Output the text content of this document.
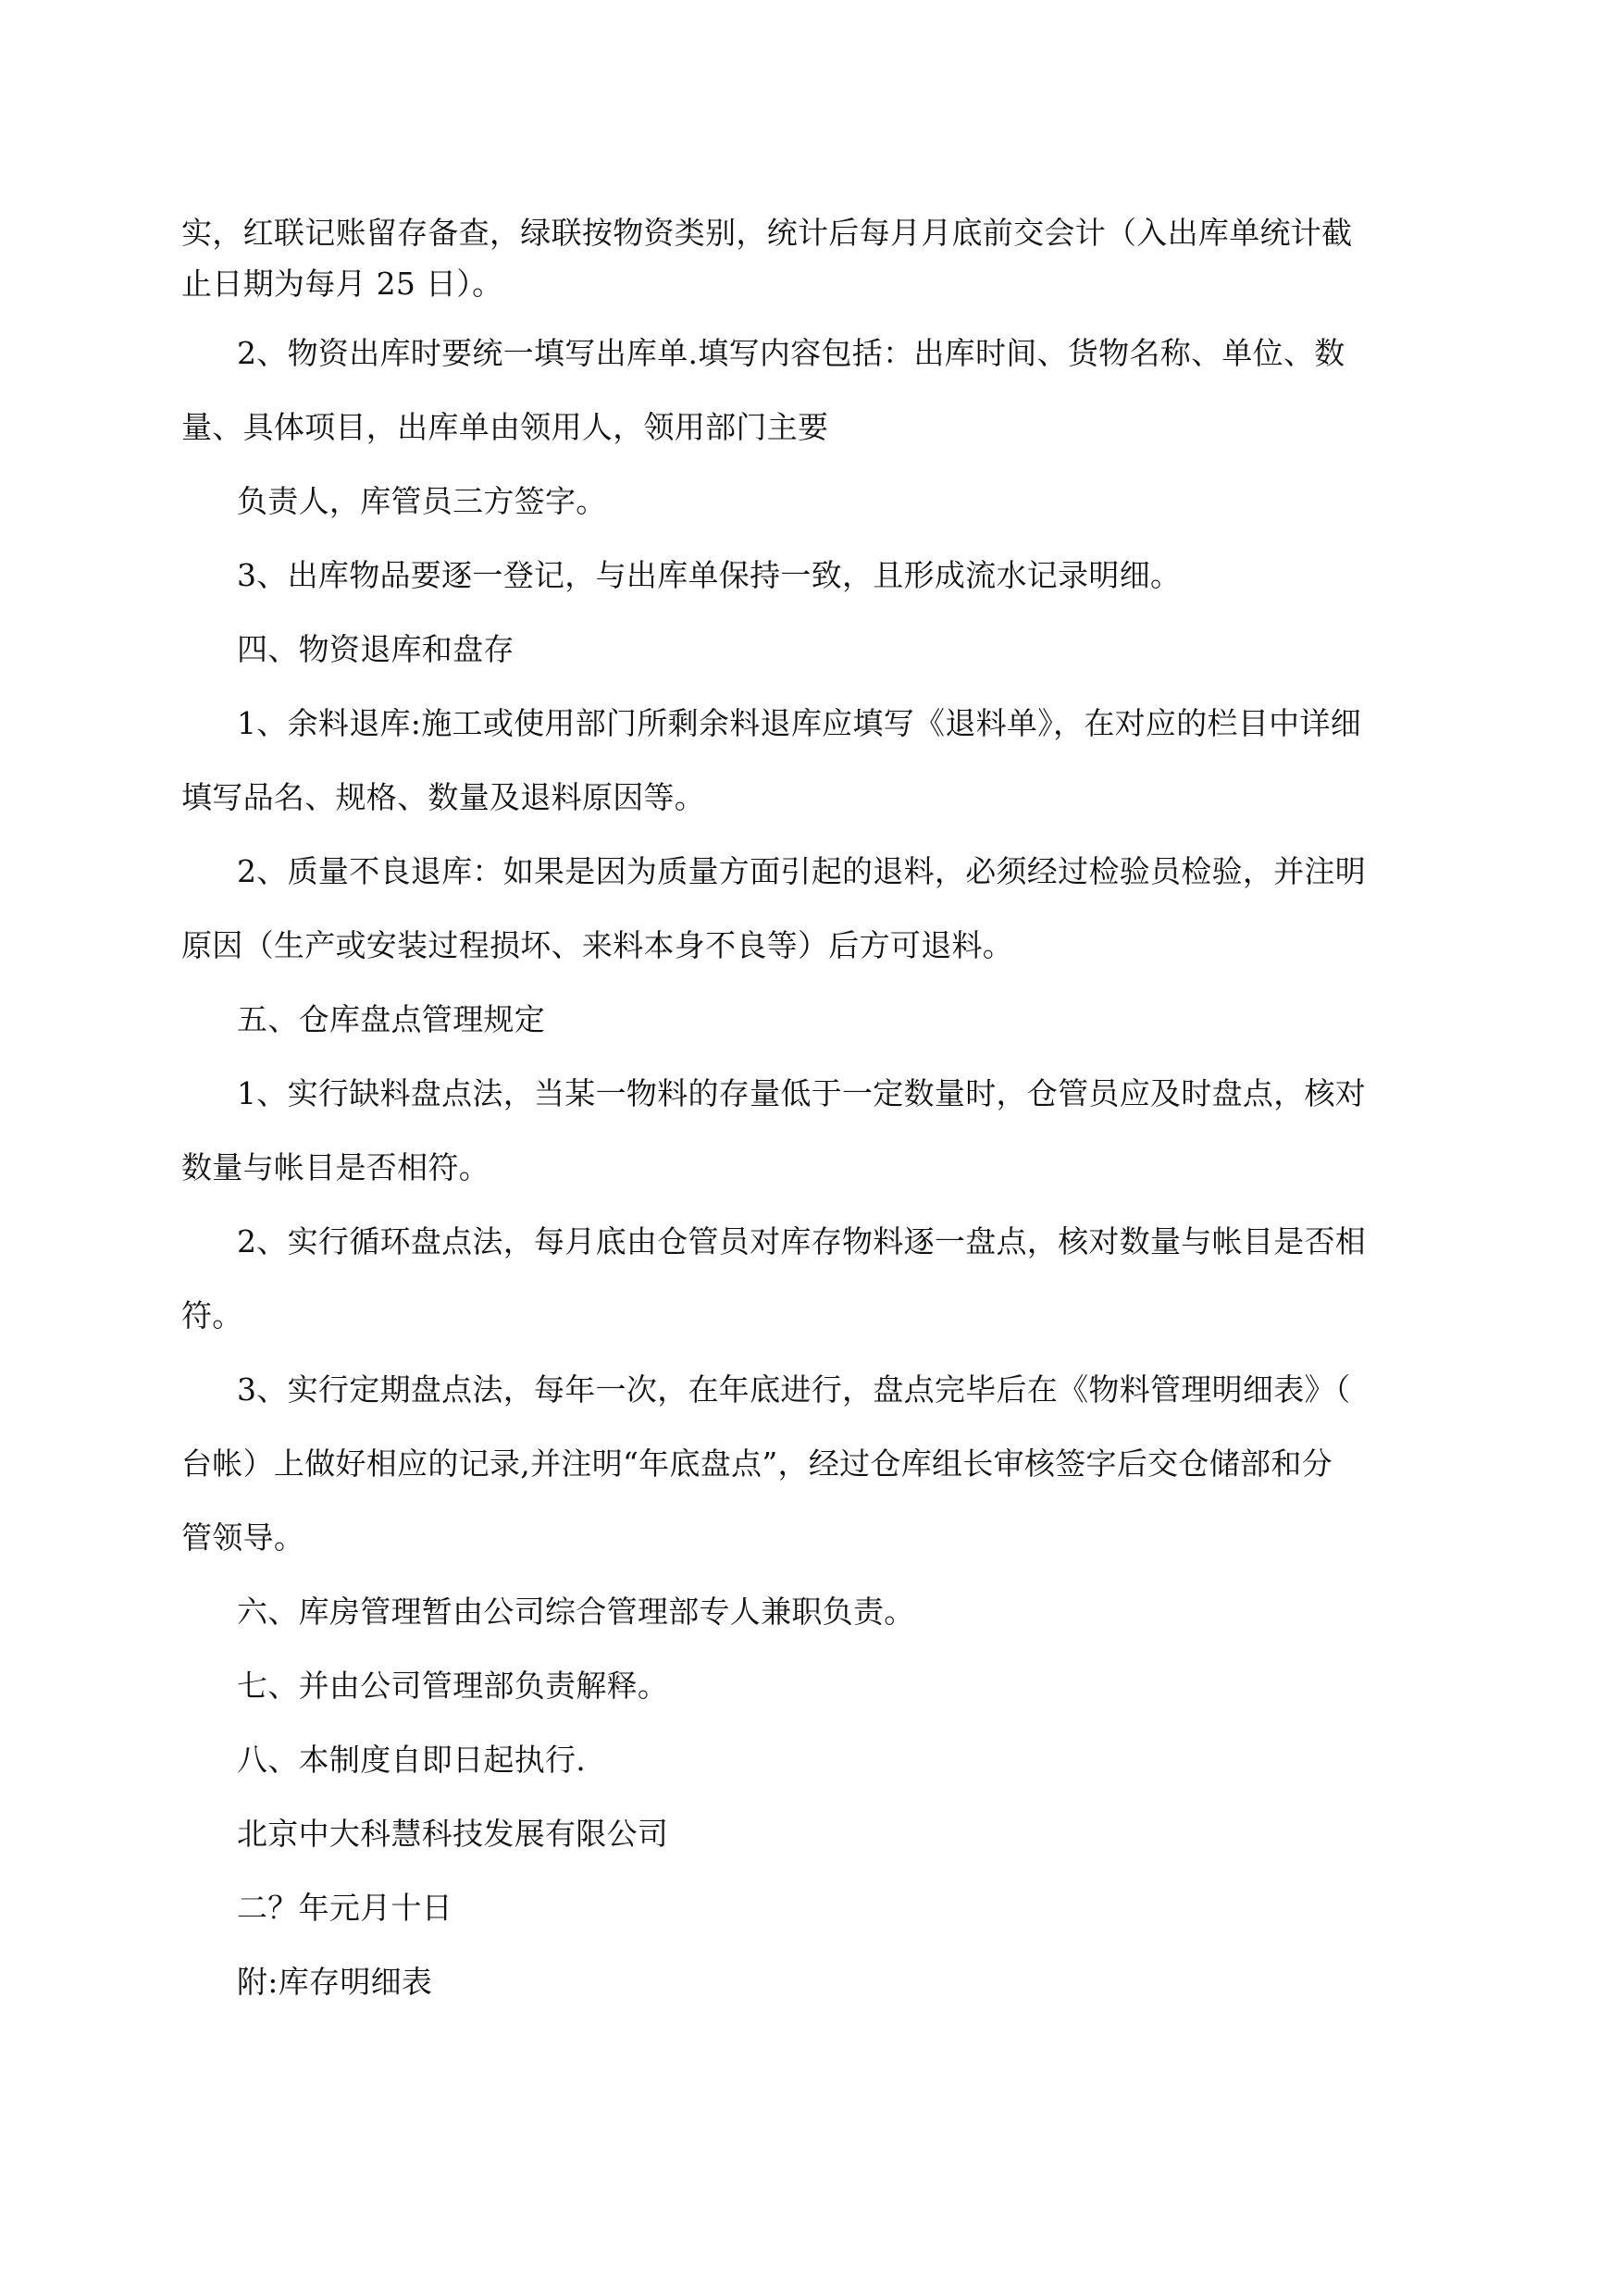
实，红联记账留存备查，绿联按物资类别，统计后每月月底前交会计（入出库单统计截
止日期为每月 25 日）。
2、物资出库时要统一填写出库单.填写内容包括：出库时间、货物名称、单位、数
量、具体项目，出库单由领用人，领用部门主要
负责人，库管员三方签字。
3、出库物品要逐一登记，与出库单保持一致，且形成流水记录明细。
四、物资退库和盘存
1、余料退库:施工或使用部门所剩余料退库应填写《退料单》，在对应的栏目中详细
填写品名、规格、数量及退料原因等。
2、质量不良退库：如果是因为质量方面引起的退料，必须经过检验员检验，并注明
原因（生产或安装过程损坏、来料本身不良等）后方可退料。
五、仓库盘点管理规定
1、实行缺料盘点法，当某一物料的存量低于一定数量时，仓管员应及时盘点，核对
数量与帐目是否相符。
2、实行循环盘点法，每月底由仓管员对库存物料逐一盘点，核对数量与帐目是否相
符。
3、实行定期盘点法，每年一次，在年底进行，盘点完毕后在《物料管理明细表》（
台帐）上做好相应的记录,并注明“年底盘点”，经过仓库组长审核签字后交仓储部和分
管领导。
六、库房管理暂由公司综合管理部专人兼职负责。
七、并由公司管理部负责解释。
八、本制度自即日起执行.
北京中大科慧科技发展有限公司
二？年元月十日
附:库存明细表
